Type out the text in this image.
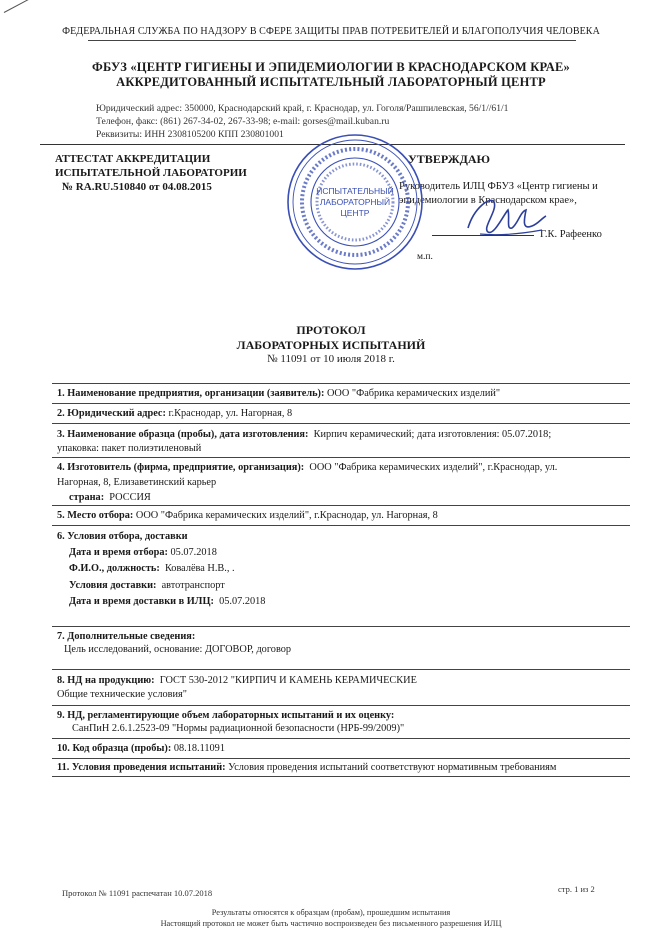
ФЕДЕРАЛЬНАЯ СЛУЖБА ПО НАДЗОРУ В СФЕРЕ ЗАЩИТЫ ПРАВ ПОТРЕБИТЕЛЕЙ И БЛАГОПОЛУЧИЯ ЧЕЛОВЕКА
ФБУЗ «ЦЕНТР ГИГИЕНЫ И ЭПИДЕМИОЛОГИИ В КРАСНОДАРСКОМ КРАЕ»
АККРЕДИТОВАННЫЙ ИСПЫТАТЕЛЬНЫЙ ЛАБОРАТОРНЫЙ ЦЕНТР
Юридический адрес: 350000, Краснодарский край, г. Краснодар, ул. Гоголя/Рашпилевская, 56/1//61/1
Телефон, факс: (861) 267-34-02, 267-33-98; e-mail: gorses@mail.kuban.ru
Реквизиты: ИНН 2308105200 КПП 230801001
АТТЕСТАТ АККРЕДИТАЦИИ
ИСПЫТАТЕЛЬНОЙ ЛАБОРАТОРИИ
№ RA.RU.510840 от 04.08.2015
УТВЕРЖДАЮ
Руководитель ИЛЦ ФБУЗ «Центр гигиены и
эпидемиологии в Краснодарском крае»,
Г.К. Рафеенко
м.п.
ИСПЫТАТЕЛЬНЫЙ
ЛАБОРАТОРНЫЙ
ЦЕНТР
ПРОТОКОЛ
ЛАБОРАТОРНЫХ ИСПЫТАНИЙ
№ 11091 от 10 июля 2018 г.
1. Наименование предприятия, организации (заявитель): ООО "Фабрика керамических изделий"
2. Юридический адрес: г.Краснодар, ул. Нагорная, 8
3. Наименование образца (пробы), дата изготовления: Кирпич керамический; дата изготовления: 05.07.2018;
упаковка: пакет полиэтиленовый
4. Изготовитель (фирма, предприятие, организация): ООО "Фабрика керамических изделий", г.Краснодар, ул.
Нагорная, 8, Елизаветинский карьер
страна: РОССИЯ
5. Место отбора: ООО "Фабрика керамических изделий", г.Краснодар, ул. Нагорная, 8
6. Условия отбора, доставки
Дата и время отбора: 05.07.2018
Ф.И.О., должность: Ковалёва Н.В., .
Условия доставки: автотранспорт
Дата и время доставки в ИЛЦ: 05.07.2018
7. Дополнительные сведения:
Цель исследований, основание: ДОГОВОР, договор
8. НД на продукцию: ГОСТ 530-2012 "КИРПИЧ И КАМЕНЬ КЕРАМИЧЕСКИЕ
Общие технические условия"
9. НД, регламентирующие объем лабораторных испытаний и их оценку:
СанПиН 2.6.1.2523-09 "Нормы радиационной безопасности (НРБ-99/2009)"
10. Код образца (пробы): 08.18.11091
11. Условия проведения испытаний: Условия проведения испытаний соответствуют нормативным требованиям
Протокол № 11091 распечатан 10.07.2018	стр. 1 из 2
Результаты относятся к образцам (пробам), прошедшим испытания
Настоящий протокол не может быть частично воспроизведен без письменного разрешения ИЛЦ
